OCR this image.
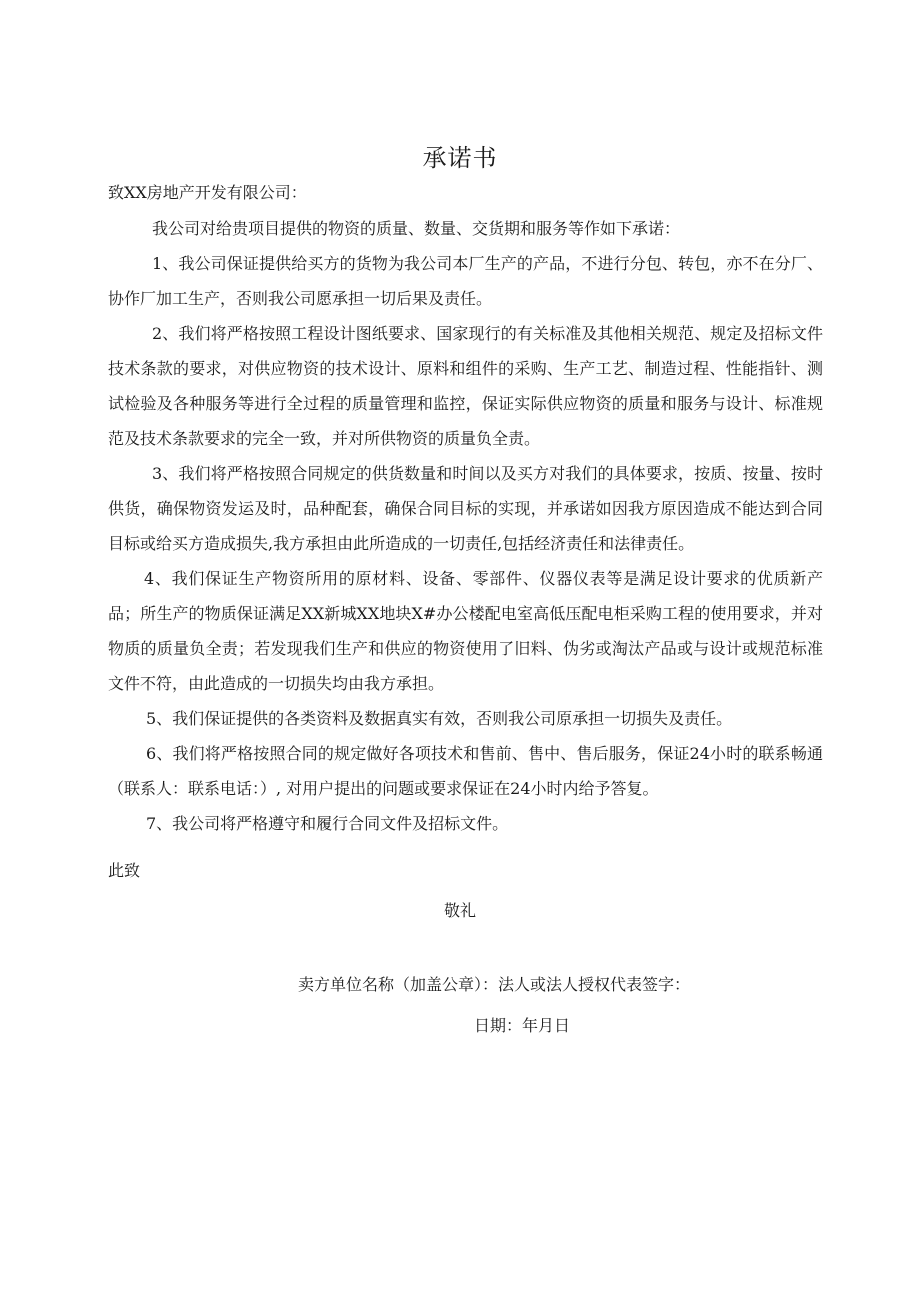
承诺书
致XX房地产开发有限公司：

我公司对给贵项目提供的物资的质量、数量、交货期和服务等作如下承诺：

1、我公司保证提供给买方的货物为我公司本厂生产的产品，不进行分包、转包，亦不在分厂、协作厂加工生产，否则我公司愿承担一切后果及责任。

2、我们将严格按照工程设计图纸要求、国家现行的有关标准及其他相关规范、规定及招标文件技术条款的要求，对供应物资的技术设计、原料和组件的采购、生产工艺、制造过程、性能指针、测试检验及各种服务等进行全过程的质量管理和监控，保证实际供应物资的质量和服务与设计、标准规范及技术条款要求的完全一致，并对所供物资的质量负全责。

3、我们将严格按照合同规定的供货数量和时间以及买方对我们的具体要求，按质、按量、按时供货，确保物资发运及时，品种配套，确保合同目标的实现，并承诺如因我方原因造成不能达到合同目标或给买方造成损失,我方承担由此所造成的一切责任,包括经济责任和法律责任。

4、我们保证生产物资所用的原材料、设备、零部件、仪器仪表等是满足设计要求的优质新产品；所生产的物质保证满足XX新城XX地块X#办公楼配电室高低压配电柜采购工程的使用要求，并对物质的质量负全责；若发现我们生产和供应的物资使用了旧料、伪劣或淘汰产品或与设计或规范标准文件不符，由此造成的一切损失均由我方承担。

5、我们保证提供的各类资料及数据真实有效，否则我公司原承担一切损失及责任。

6、我们将严格按照合同的规定做好各项技术和售前、售中、售后服务，保证24小时的联系畅通（联系人：联系电话：）, 对用户提出的问题或要求保证在24小时内给予答复。

7、我公司将严格遵守和履行合同文件及招标文件。

此致
敬礼
卖方单位名称（加盖公章）：法人或法人授权代表签字：
日期：年月日
